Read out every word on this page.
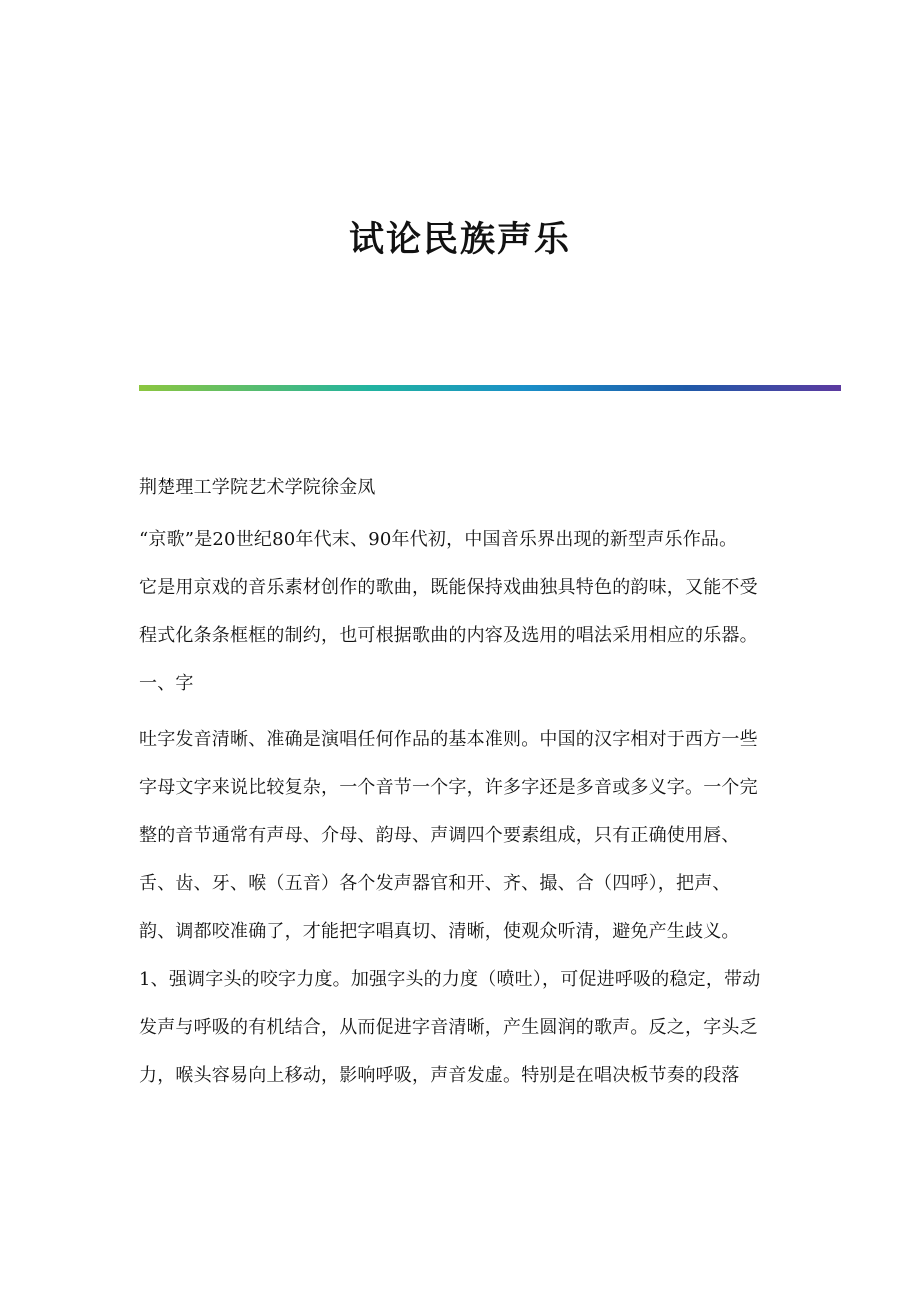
试论民族声乐

荆楚理工学院艺术学院徐金凤

“京歌”是20世纪80年代末、90年代初，中国音乐界出现的新型声乐作品。
它是用京戏的音乐素材创作的歌曲，既能保持戏曲独具特色的韵味，又能不受
程式化条条框框的制约，也可根据歌曲的内容及选用的唱法采用相应的乐器。

一、字

吐字发音清晰、准确是演唱任何作品的基本准则。中国的汉字相对于西方一些
字母文字来说比较复杂，一个音节一个字，许多字还是多音或多义字。一个完
整的音节通常有声母、介母、韵母、声调四个要素组成，只有正确使用唇、
舌、齿、牙、喉（五音）各个发声器官和开、齐、撮、合（四呼），把声、
韵、调都咬准确了，才能把字唱真切、清晰，使观众听清，避免产生歧义。
1、强调字头的咬字力度。加强字头的力度（喷吐），可促进呼吸的稳定，带动
发声与呼吸的有机结合，从而促进字音清晰，产生圆润的歌声。反之，字头乏
力，喉头容易向上移动，影响呼吸，声音发虚。特别是在唱决板节奏的段落
